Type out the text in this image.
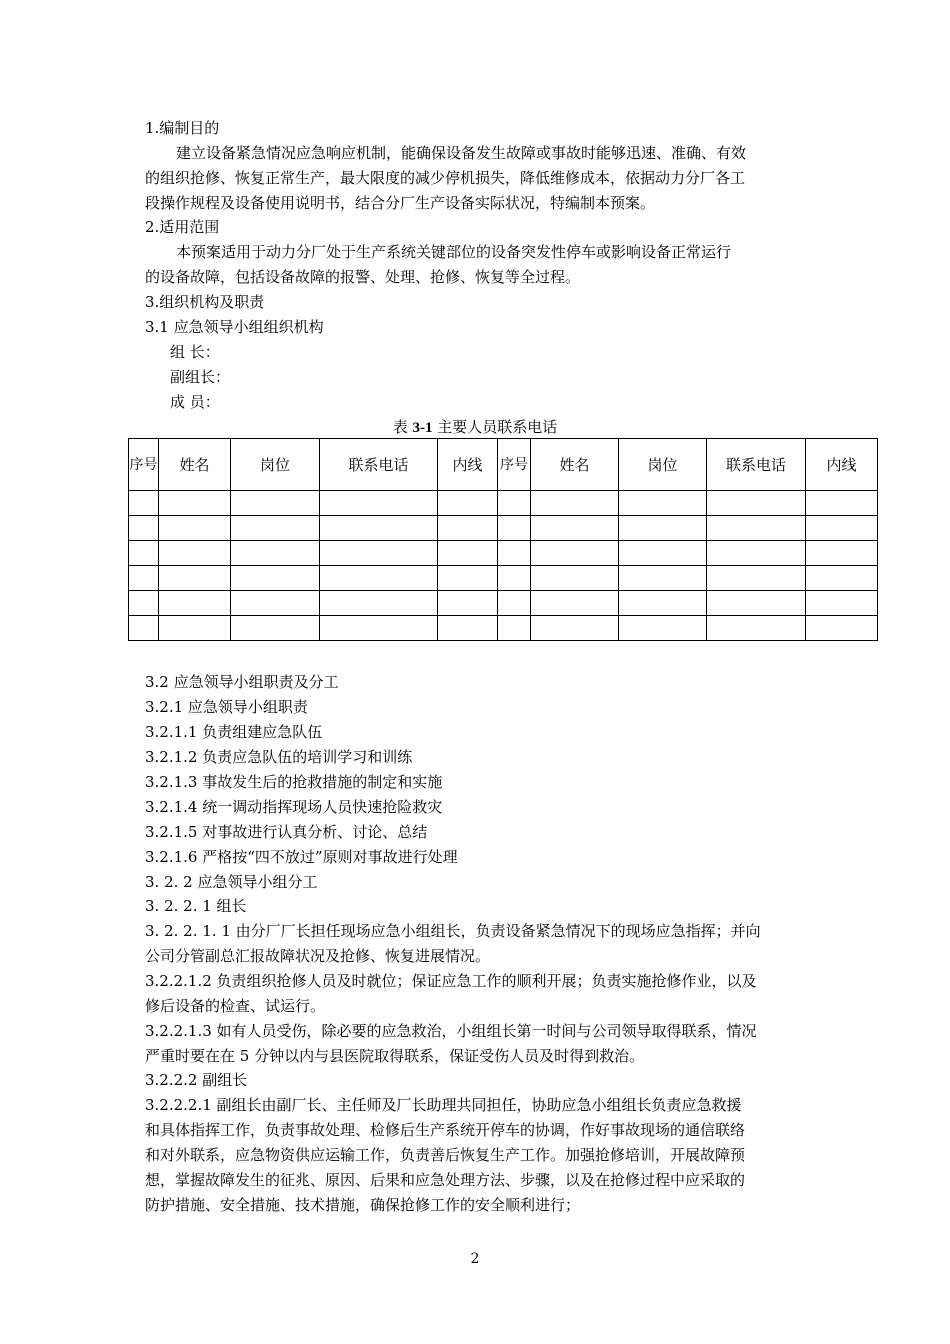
1.编制目的
建立设备紧急情况应急响应机制，能确保设备发生故障或事故时能够迅速、准确、有效
的组织抢修、恢复正常生产，最大限度的减少停机损失，降低维修成本，依据动力分厂各工
段操作规程及设备使用说明书，结合分厂生产设备实际状况，特编制本预案。
2.适用范围
本预案适用于动力分厂处于生产系统关键部位的设备突发性停车或影响设备正常运行
的设备故障，包括设备故障的报警、处理、抢修、恢复等全过程。
3.组织机构及职责
3.1 应急领导小组组织机构
组 长：
副组长：
成 员：
表 3-1 主要人员联系电话
序号	姓名	岗位	联系电话	内线	序号	姓名	岗位	联系电话	内线

3.2 应急领导小组职责及分工
3.2.1 应急领导小组职责
3.2.1.1 负责组建应急队伍
3.2.1.2 负责应急队伍的培训学习和训练
3.2.1.3 事故发生后的抢救措施的制定和实施
3.2.1.4 统一调动指挥现场人员快速抢险救灾
3.2.1.5 对事故进行认真分析、讨论、总结
3.2.1.6 严格按“四不放过”原则对事故进行处理
3. 2. 2 应急领导小组分工
3. 2. 2. 1 组长
3. 2. 2. 1. 1 由分厂厂长担任现场应急小组组长，负责设备紧急情况下的现场应急指挥；并向
公司分管副总汇报故障状况及抢修、恢复进展情况。
3.2.2.1.2 负责组织抢修人员及时就位；保证应急工作的顺利开展；负责实施抢修作业，以及
修后设备的检查、试运行。
3.2.2.1.3 如有人员受伤，除必要的应急救治，小组组长第一时间与公司领导取得联系，情况
严重时要在在 5 分钟以内与县医院取得联系，保证受伤人员及时得到救治。
3.2.2.2 副组长
3.2.2.2.1 副组长由副厂长、主任师及厂长助理共同担任，协助应急小组组长负责应急救援
和具体指挥工作，负责事故处理、检修后生产系统开停车的协调，作好事故现场的通信联络
和对外联系，应急物资供应运输工作，负责善后恢复生产工作。加强抢修培训，开展故障预
想，掌握故障发生的征兆、原因、后果和应急处理方法、步骤，以及在抢修过程中应采取的
防护措施、安全措施、技术措施，确保抢修工作的安全顺利进行；
2
